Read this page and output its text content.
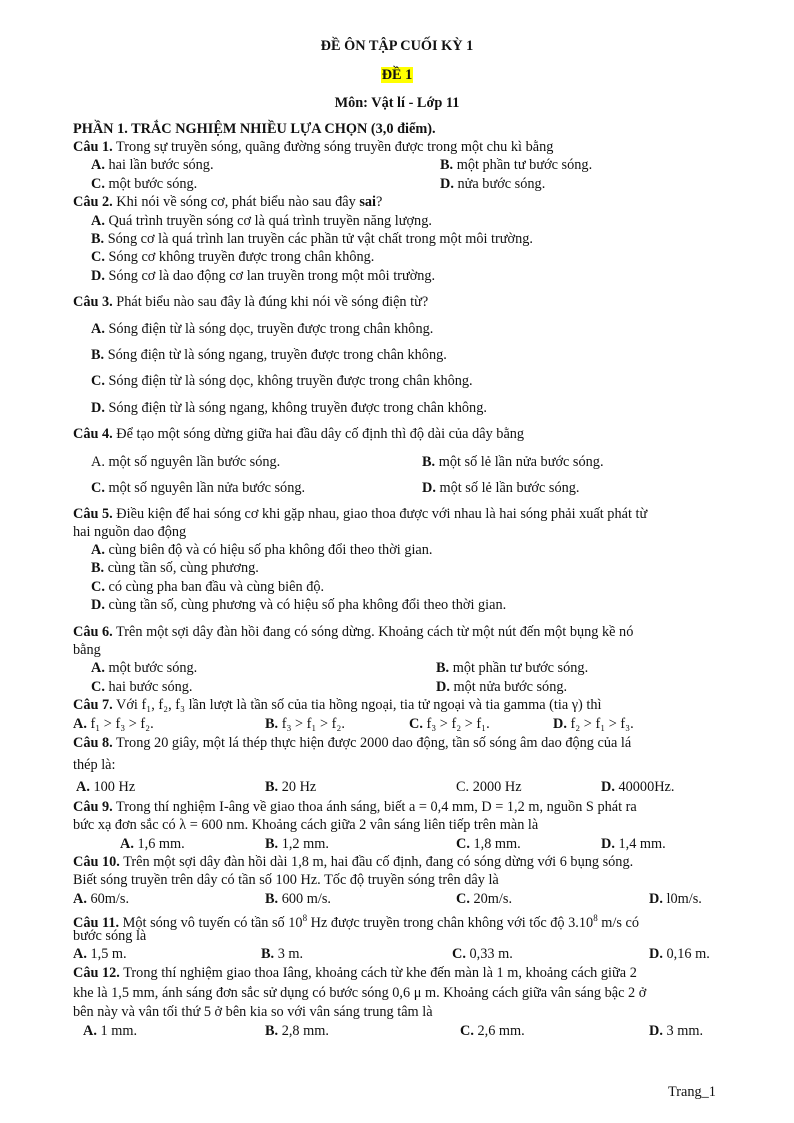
ĐỀ ÔN TẬP CUỐI KỲ 1
ĐỀ 1
Môn: Vật lí - Lớp 11
PHẦN 1. TRẮC NGHIỆM NHIỀU LỰA CHỌN (3,0 điểm).
Câu 1. Trong sự truyền sóng, quãng đường sóng truyền được trong một chu kì bằng
A. hai lần bước sóng.	B. một phần tư bước sóng.
C. một bước sóng.	D. nửa bước sóng.
Câu 2. Khi nói về sóng cơ, phát biểu nào sau đây sai?
A. Quá trình truyền sóng cơ là quá trình truyền năng lượng.
B. Sóng cơ là quá trình lan truyền các phần tử vật chất trong một môi trường.
C. Sóng cơ không truyền được trong chân không.
D. Sóng cơ là dao động cơ lan truyền trong một môi trường.
Câu 3. Phát biểu nào sau đây là đúng khi nói về sóng điện từ?
A. Sóng điện từ là sóng dọc, truyền được trong chân không.
B. Sóng điện từ là sóng ngang, truyền được trong chân không.
C. Sóng điện từ là sóng dọc, không truyền được trong chân không.
D. Sóng điện từ là sóng ngang, không truyền được trong chân không.
Câu 4. Để tạo một sóng dừng giữa hai đầu dây cố định thì độ dài của dây bằng
A. một số nguyên lần bước sóng.	B. một số lẻ lần nửa bước sóng.
C. một số nguyên lần nửa bước sóng.	D. một số lẻ lần bước sóng.
Câu 5. Điều kiện để hai sóng cơ khi gặp nhau, giao thoa được với nhau là hai sóng phải xuất phát từ
hai nguồn dao động
A. cùng biên độ và có hiệu số pha không đổi theo thời gian.
B. cùng tần số, cùng phương.
C. có cùng pha ban đầu và cùng biên độ.
D. cùng tần số, cùng phương và có hiệu số pha không đổi theo thời gian.
Câu 6. Trên một sợi dây đàn hồi đang có sóng dừng. Khoảng cách từ một nút đến một bụng kề nó
bằng
A. một bước sóng.	B. một phần tư bước sóng.
C. hai bước sóng.	D. một nửa bước sóng.
Câu 7. Với f₁, f₂, f₃ lần lượt là tần số của tia hồng ngoại, tia tử ngoại và tia gamma (tia γ) thì
A. f₁ > f₃ > f₂.	B. f₃ > f₁ > f₂.	C. f₃ > f₂ > f₁.	D. f₂ > f₁ > f₃.
Câu 8. Trong 20 giây, một lá thép thực hiện được 2000 dao động, tần số sóng âm dao động của lá
thép là:
A. 100 Hz	B. 20 Hz	C. 2000 Hz	D. 40000Hz.
Câu 9. Trong thí nghiệm I-âng về giao thoa ánh sáng, biết a = 0,4 mm, D = 1,2 m, nguồn S phát ra
bức xạ đơn sắc có λ = 600 nm. Khoảng cách giữa 2 vân sáng liên tiếp trên màn là
A. 1,6 mm.	B. 1,2 mm.	C. 1,8 mm.	D. 1,4 mm.
Câu 10. Trên một sợi dây đàn hồi dài 1,8 m, hai đầu cố định, đang có sóng dừng với 6 bụng sóng.
Biết sóng truyền trên dây có tần số 100 Hz. Tốc độ truyền sóng trên dây là
A. 60m/s.	B. 600 m/s.	C. 20m/s.	D. l0m/s.
Câu 11. Một sóng vô tuyến có tần số $10^8$ Hz được truyền trong chân không với tốc độ 3.10$^8$ m/s có
bước sóng là
A. 1,5 m.	B. 3 m.	C. 0,33 m.	D. 0,16 m.
Câu 12. Trong thí nghiệm giao thoa Iâng, khoảng cách từ khe đến màn là 1 m, khoảng cách giữa 2
khe là 1,5 mm, ánh sáng đơn sắc sử dụng có bước sóng 0,6 μ m. Khoảng cách giữa vân sáng bậc 2 ở
bên này và vân tối thứ 5 ở bên kia so với vân sáng trung tâm là
A. 1 mm.	B. 2,8 mm.	C. 2,6 mm.	D. 3 mm.
Trang_1
